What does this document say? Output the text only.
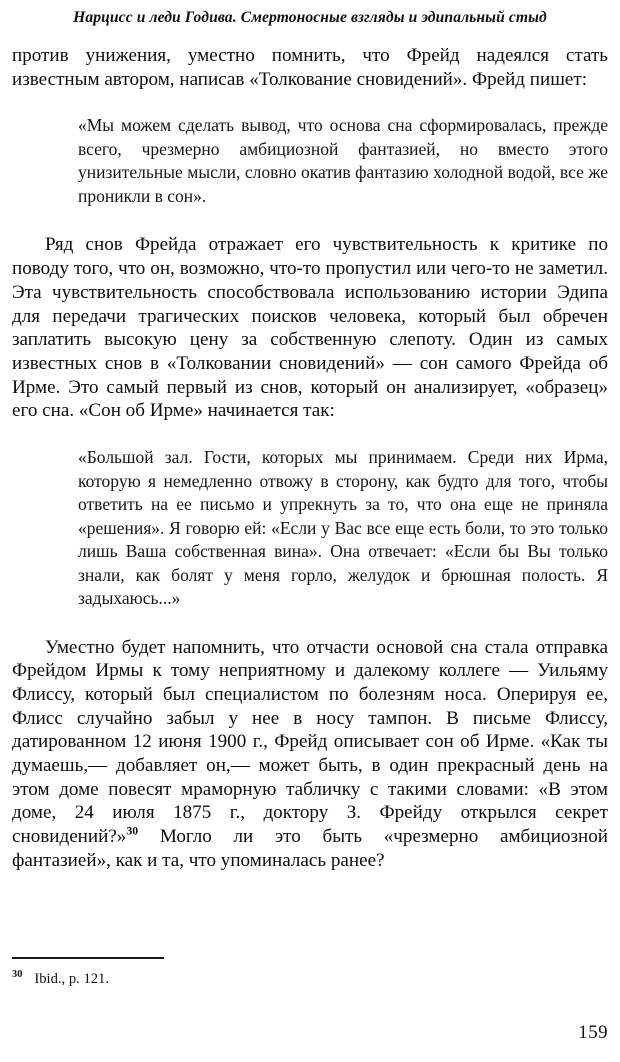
Нарцисс и леди Годива. Смертоносные взгляды и эдипальный стыд

против унижения, уместно помнить, что Фрейд надеялся стать известным автором, написав «Толкование сновидений». Фрейд пишет:

«Мы можем сделать вывод, что основа сна сформировалась, прежде всего, чрезмерно амбициозной фантазией, но вместо этого унизительные мысли, словно окатив фантазию холодной водой, все же проникли в сон».

Ряд снов Фрейда отражает его чувствительность к критике по поводу того, что он, возможно, что-то пропустил или чего-то не заметил. Эта чувствительность способствовала использованию истории Эдипа для передачи трагических поисков человека, который был обречен заплатить высокую цену за собственную слепоту. Один из самых известных снов в «Толковании сновидений» — сон самого Фрейда об Ирме. Это самый первый из снов, который он анализирует, «образец» его сна. «Сон об Ирме» начинается так:

«Большой зал. Гости, которых мы принимаем. Среди них Ирма, которую я немедленно отвожу в сторону, как будто для того, чтобы ответить на ее письмо и упрекнуть за то, что она еще не приняла «решения». Я говорю ей: «Если у Вас все еще есть боли, то это только лишь Ваша собственная вина». Она отвечает: «Если бы Вы только знали, как болят у меня горло, желудок и брюшная полость. Я задыхаюсь...»

Уместно будет напомнить, что отчасти основой сна стала отправка Фрейдом Ирмы к тому неприятному и далекому коллеге — Уильяму Флиссу, который был специалистом по болезням носа. Оперируя ее, Флисс случайно забыл у нее в носу тампон. В письме Флиссу, датированном 12 июня 1900 г., Фрейд описывает сон об Ирме. «Как ты думаешь,— добавляет он,— может быть, в один прекрасный день на этом доме повесят мраморную табличку с такими словами: «В этом доме, 24 июля 1875 г., доктору З. Фрейду открылся секрет сновидений?»$^{30}$ Могло ли это быть «чрезмерно амбициозной фантазией», как и та, что упоминалась ранее?

$^{30}$ Ibid., p. 121.
159
